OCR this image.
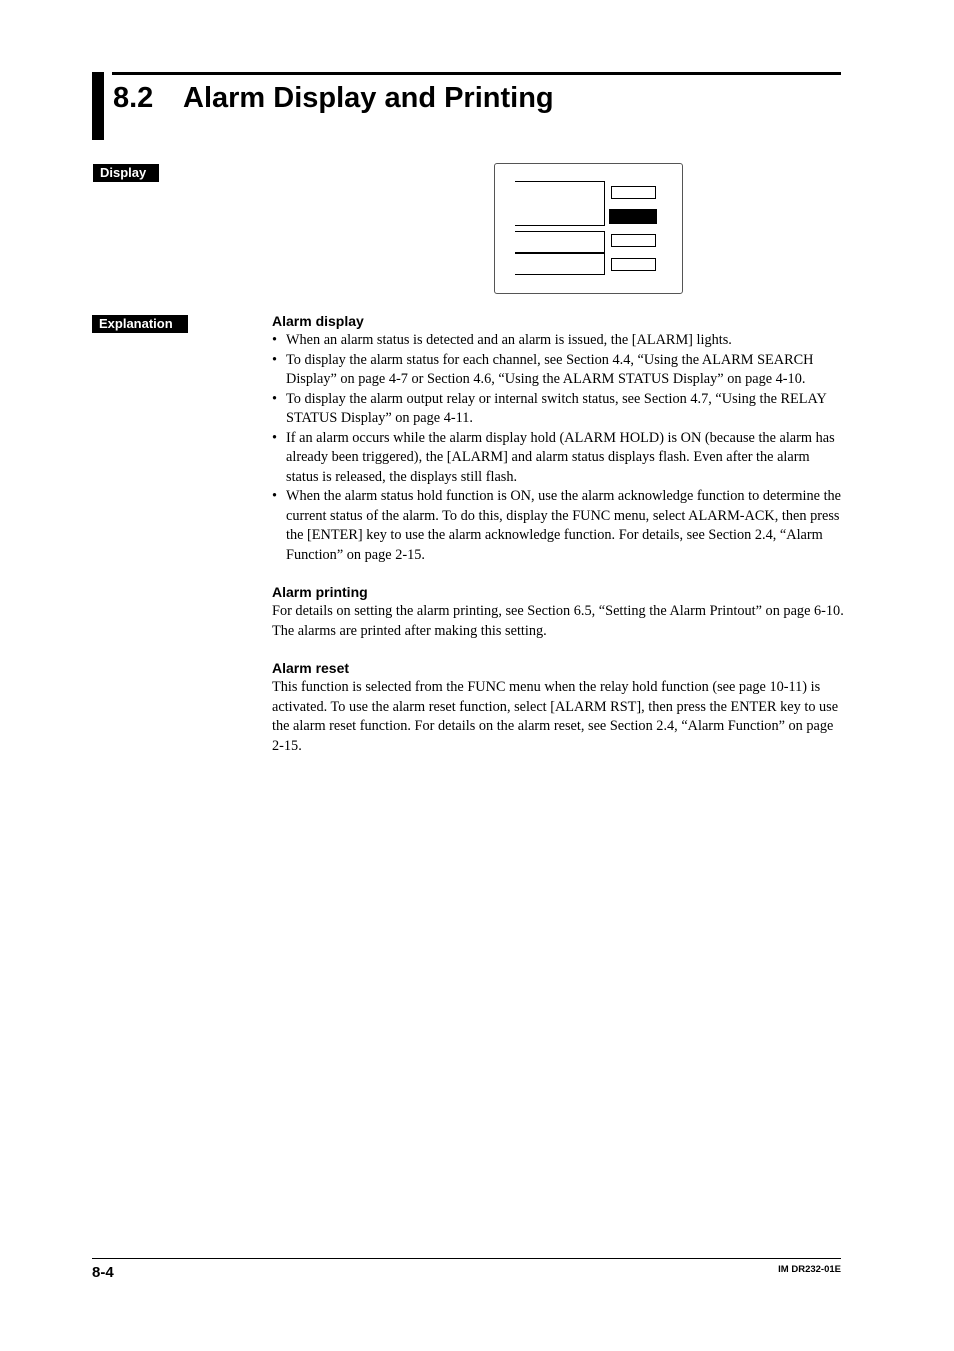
8.2 Alarm Display and Printing
Display
Explanation	Alarm display
• When an alarm status is detected and an alarm is issued, the [ALARM] lights.
• To display the alarm status for each channel, see Section 4.4, “Using the ALARM SEARCH Display” on page 4-7 or Section 4.6, “Using the ALARM STATUS Display” on page 4-10.
• To display the alarm output relay or internal switch status, see Section 4.7, “Using the RELAY STATUS Display” on page 4-11.
• If an alarm occurs while the alarm display hold (ALARM HOLD) is ON (because the alarm has already been triggered), the [ALARM] and alarm status displays flash. Even after the alarm status is released, the displays still flash.
• When the alarm status hold function is ON, use the alarm acknowledge function to determine the current status of the alarm. To do this, display the FUNC menu, select ALARM-ACK, then press the [ENTER] key to use the alarm acknowledge function. For details, see Section 2.4, “Alarm Function” on page 2-15.
Alarm printing

For details on setting the alarm printing, see Section 6.5, “Setting the Alarm Printout” on page 6-10. The alarms are printed after making this setting.

Alarm reset

This function is selected from the FUNC menu when the relay hold function (see page 10-11) is activated. To use the alarm reset function, select [ALARM RST], then press the ENTER key to use the alarm reset function. For details on the alarm reset, see Section 2.4, “Alarm Function” on page 2-15.

8-4	IM DR232-01E
